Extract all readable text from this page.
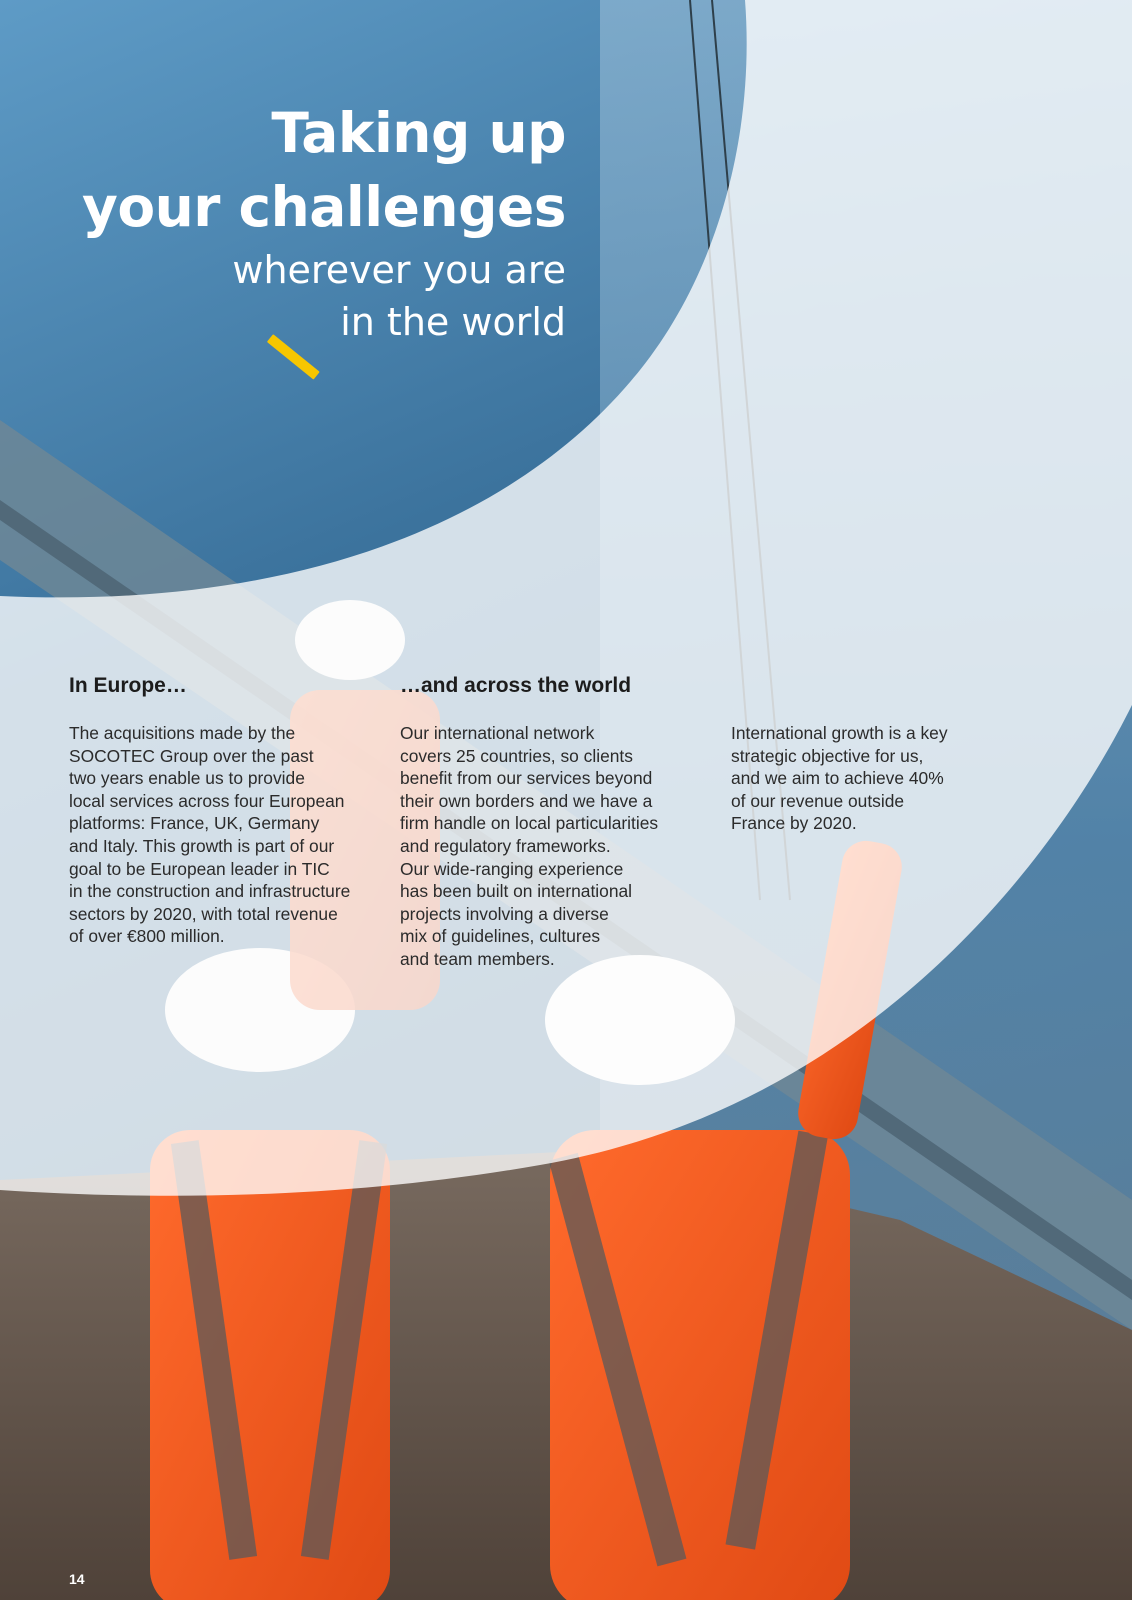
Taking up

your challenges

wherever you are

in the world

In Europe…

The acquisitions made by the
SOCOTEC Group over the past
two years enable us to provide
local services across four European
platforms: France, UK, Germany
and Italy. This growth is part of our
goal to be European leader in TIC
in the construction and infrastructure
sectors by 2020, with total revenue
of over €800 million.

…and across the world

Our international network
covers 25 countries, so clients
benefit from our services beyond
their own borders and we have a
firm handle on local particularities
and regulatory frameworks.
Our wide-ranging experience
has been built on international
projects involving a diverse
mix of guidelines, cultures
and team members.

International growth is a key
strategic objective for us,
and we aim to achieve 40%
of our revenue outside
France by 2020.

14
